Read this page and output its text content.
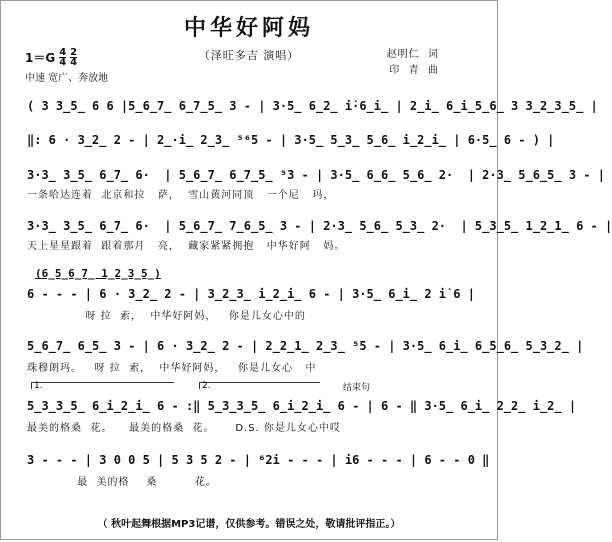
中华好阿妈
（泽旺多吉 演唱）
$1=G \frac{4}{4} \frac{2}{4}$
中速 宽广、奔放地
赵明仁  词
印  青  曲
( 3 3̲5̲ 6 6 |5̲6̲7̲ 6̲7̲5̲ 3 - | 3·5̲ 6̲2̲ i̇·6̲i̲ | 2̲i̲ 6̲i̲5̲6̲ 3 3̲2̲3̲5̲ |
‖: 6 · 3̲2̲ 2 - | 2̲·i̲ 2̲3̲ ⁵⁶5 - | 3·5̲ 5̲3̲ 5̲6̲ i̲2̲i̲ | 6·5̲ 6 - ) |
3·3̲ 3̲5̲ 6̲7̲ 6·  | 5̲6̲7̲ 6̲7̲5̲ ⁵3 - | 3·5̲ 6̲6̲ 5̲6̲ 2·  | 2·3̲ 5̲6̲5̲ 3 - |
一条哈达连着  北京和拉   萨，  雪山黄河同顶   一个尼   玛，
3·3̲ 3̲5̲ 6̲7̲ 6·  | 5̲6̲7̲ 7̲6̲5̲ 3 - | 2·3̲ 5̲6̲ 5̲3̲ 2·  | 5̲3̲5̲ 1̲2̲1̲ 6 - |
天上星星跟着  跟着那月   亮，  藏家紧紧拥抱   中华好阿   妈。
(6̲5̲6̲7̲ 1̲2̲3̲5̲)
6 - - - | 6 · 3̲2̲ 2 - | 3̲2̲3̲ i̲2̲i̲ 6 - | 3·5̲ 6̲i̲ 2 i̇ 6 |
呀 拉  索，  中华好阿妈，   你是儿女心中的
5̲6̲7̲ 6̲5̲ 3 - | 6 · 3̲2̲ 2 - | 2̲2̲1̲ 2̲3̲ ⁵5 - | 3·5̲ 6̲i̲ 6̲5̲6̲ 5̲3̲2̲ |
珠穆朗玛。   呀 拉  索，  中华好阿妈，   你是儿女心   中
1.	2.	结束句
5̲3̲3̲5̲ 6̲i̲2̲i̲ 6 - :‖ 5̲3̲3̲5̲ 6̲i̲2̲i̲ 6 - | 6 - ‖ 3·5̲ 6̲i̲ 2̲2̲ i̲2̲ |
最美的格桑  花。    最美的格桑  花。     D.S. 你是儿女心中哎
3 - - - | 3 0 0 5 | 5 3 5 2 - | ⁶2i - - - | i6 - - - | 6 - - 0 ‖
最  美的格    桑         花。
（ 秋叶起舞根据MP3记谱，仅供参考。错误之处，敬请批评指正。）
